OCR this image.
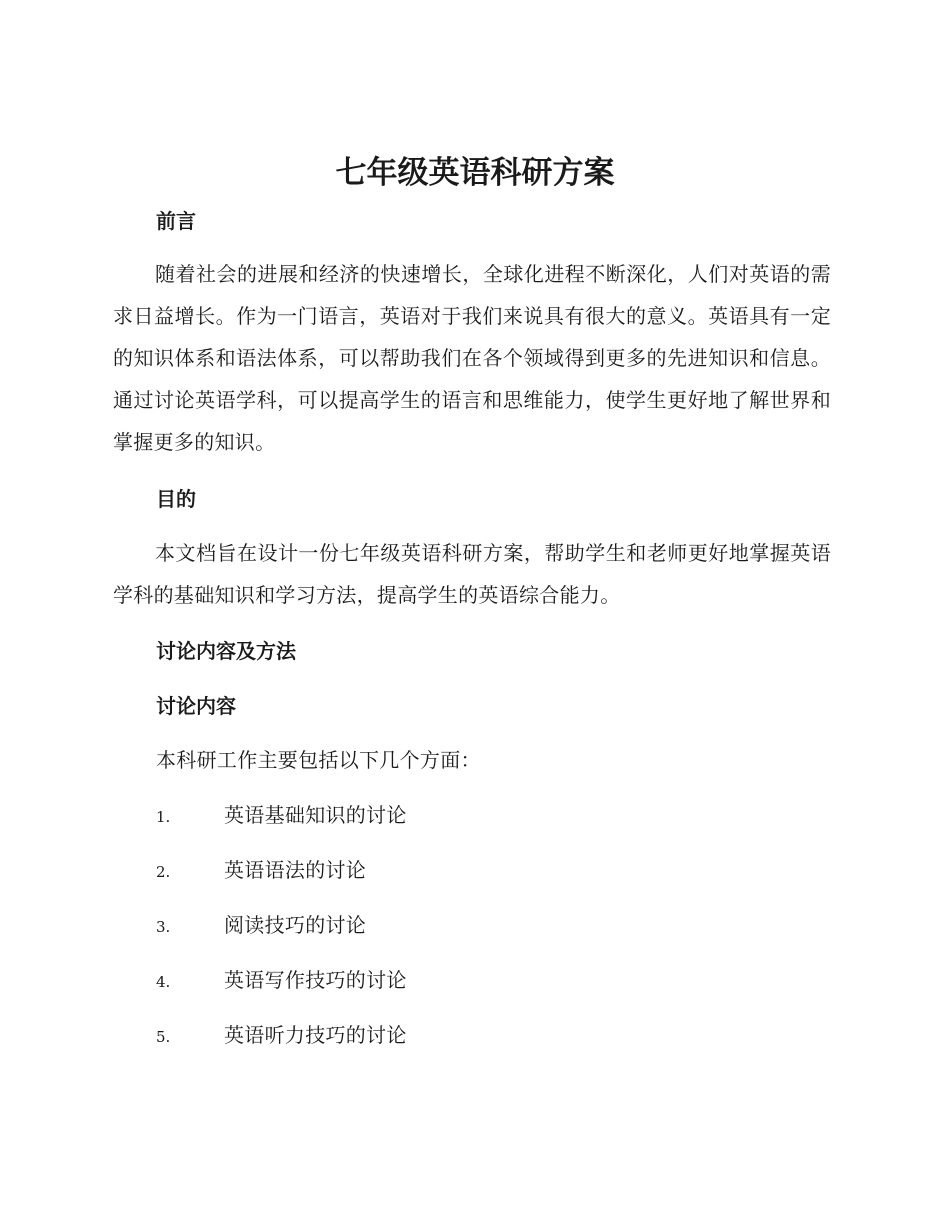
七年级英语科研方案
前言
随着社会的进展和经济的快速增长，全球化进程不断深化，人们对英语的需求日益增长。作为一门语言，英语对于我们来说具有很大的意义。英语具有一定的知识体系和语法体系，可以帮助我们在各个领域得到更多的先进知识和信息。通过讨论英语学科，可以提高学生的语言和思维能力，使学生更好地了解世界和掌握更多的知识。
目的
本文档旨在设计一份七年级英语科研方案，帮助学生和老师更好地掌握英语学科的基础知识和学习方法，提高学生的英语综合能力。
讨论内容及方法
讨论内容
本科研工作主要包括以下几个方面：
1.	英语基础知识的讨论
2.	英语语法的讨论
3.	阅读技巧的讨论
4.	英语写作技巧的讨论
5.	英语听力技巧的讨论
